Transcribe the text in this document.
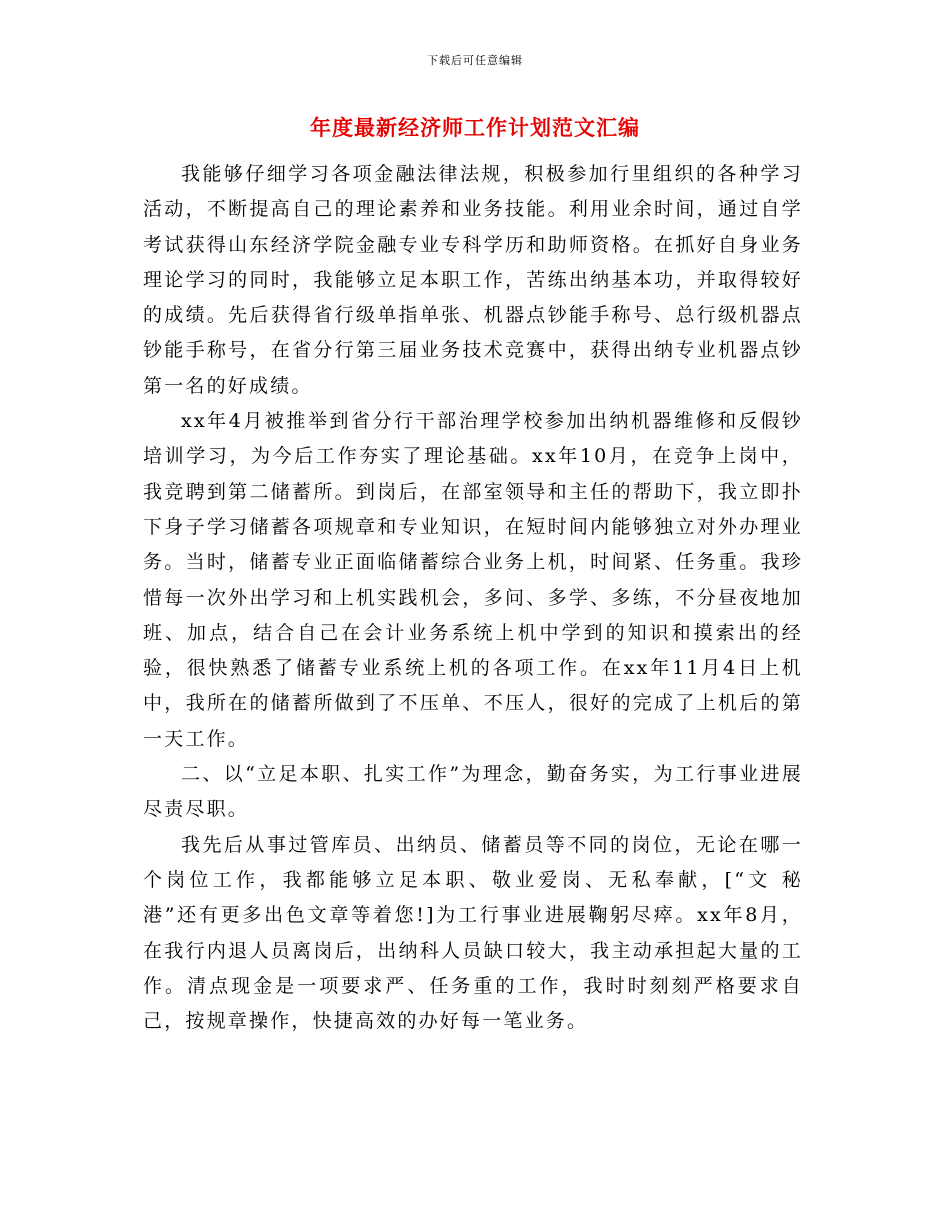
下载后可任意编辑
年度最新经济师工作计划范文汇编

我能够仔细学习各项金融法律法规，积极参加行里组织的各种学习活动，不断提高自己的理论素养和业务技能。利用业余时间，通过自学考试获得山东经济学院金融专业专科学历和助师资格。在抓好自身业务理论学习的同时，我能够立足本职工作，苦练出纳基本功，并取得较好的成绩。先后获得省行级单指单张、机器点钞能手称号、总行级机器点钞能手称号，在省分行第三届业务技术竞赛中，获得出纳专业机器点钞第一名的好成绩。

xx年4月被推举到省分行干部治理学校参加出纳机器维修和反假钞培训学习，为今后工作夯实了理论基础。xx年10月，在竞争上岗中，我竞聘到第二储蓄所。到岗后，在部室领导和主任的帮助下，我立即扑下身子学习储蓄各项规章和专业知识，在短时间内能够独立对外办理业务。当时，储蓄专业正面临储蓄综合业务上机，时间紧、任务重。我珍惜每一次外出学习和上机实践机会，多问、多学、多练，不分昼夜地加班、加点，结合自己在会计业务系统上机中学到的知识和摸索出的经验，很快熟悉了储蓄专业系统上机的各项工作。在xx年11月4日上机中，我所在的储蓄所做到了不压单、不压人，很好的完成了上机后的第一天工作。

二、以“立足本职、扎实工作”为理念，勤奋务实，为工行事业进展尽责尽职。

我先后从事过管库员、出纳员、储蓄员等不同的岗位，无论在哪一个岗位工作，我都能够立足本职、敬业爱岗、无私奉献，[“文 秘 港”还有更多出色文章等着您!]为工行事业进展鞠躬尽瘁。xx年8月，在我行内退人员离岗后，出纳科人员缺口较大，我主动承担起大量的工作。清点现金是一项要求严、任务重的工作，我时时刻刻严格要求自己，按规章操作，快捷高效的办好每一笔业务。
